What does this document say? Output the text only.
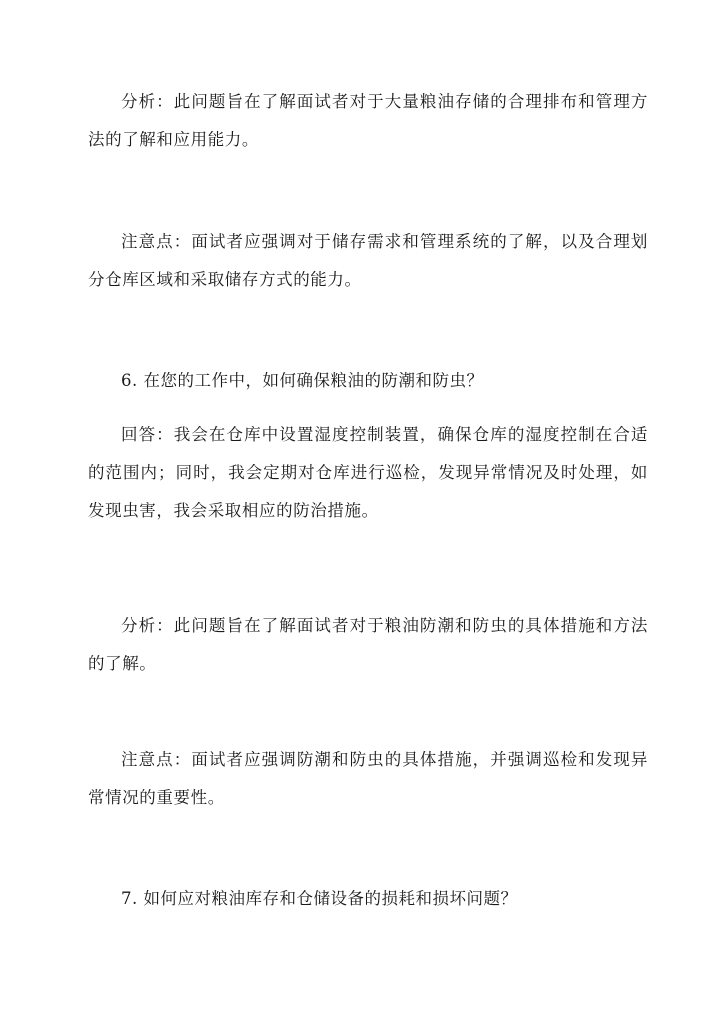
分析：此问题旨在了解面试者对于大量粮油存储的合理排布和管理方法的了解和应用能力。

注意点：面试者应强调对于储存需求和管理系统的了解，以及合理划分仓库区域和采取储存方式的能力。

6. 在您的工作中，如何确保粮油的防潮和防虫？

回答：我会在仓库中设置湿度控制装置，确保仓库的湿度控制在合适的范围内；同时，我会定期对仓库进行巡检，发现异常情况及时处理，如发现虫害，我会采取相应的防治措施。

分析：此问题旨在了解面试者对于粮油防潮和防虫的具体措施和方法的了解。

注意点：面试者应强调防潮和防虫的具体措施，并强调巡检和发现异常情况的重要性。

7. 如何应对粮油库存和仓储设备的损耗和损坏问题？
